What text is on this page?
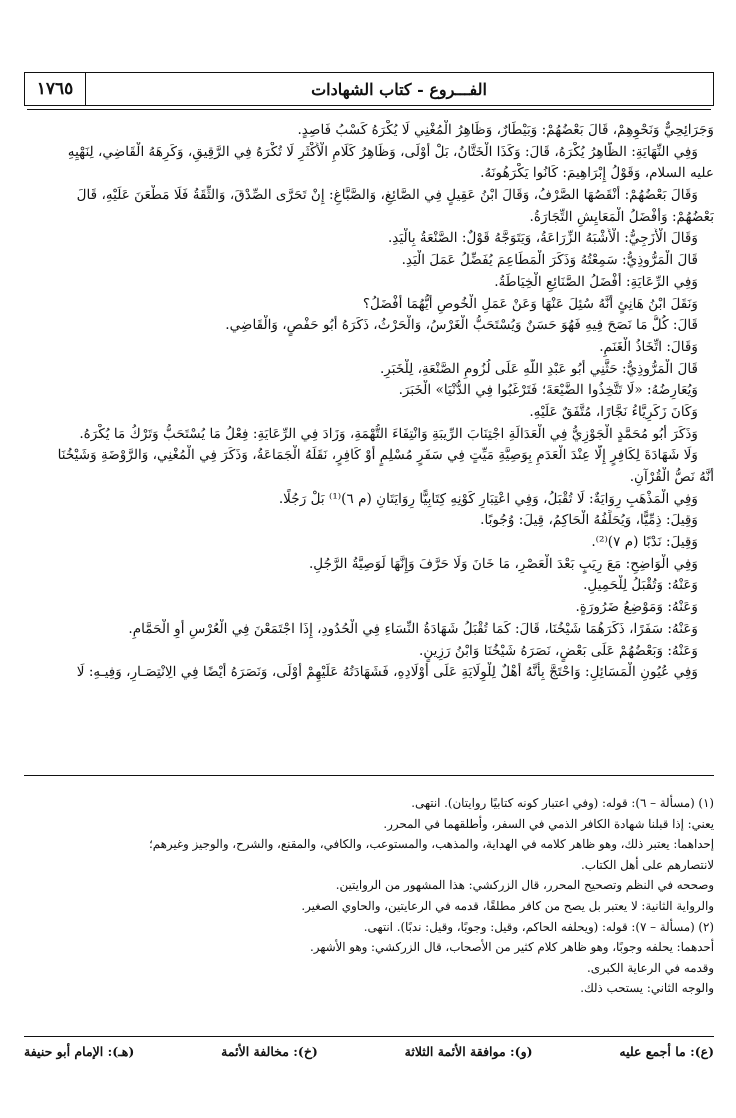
١٧٦٥	الفـــروع - كتاب الشهادات
وَجَرَائِحِيٌّ وَنَحْوِهِمْ، قَالَ بَعْضُهُمْ: وَبَيْطَارٌ، وَظَاهِرُ الْمُغْنِي لَا يُكْرَهُ كَسْبُ فَاصِدٍ.
وَفِي النِّهَايَةِ: الظَّاهِرُ يُكْرَهُ، قَالَ: وَكَذَا الْخَتَّانُ، بَلْ أَوْلَى، وَظَاهِرُ كَلَامِ الْأَكْثَرِ لَا تُكْرَهُ فِي الرَّقِيقِ، وَكَرِهَهُ الْقَاضِي، لِنَهْيِهِ
عليه السلام، وَقَوْلُ إِبْرَاهِيمَ: كَانُوا يَكْرَهُونَهُ.
وَقَالَ بَعْضُهُمْ: أَنْقَصُهَا الصَّرْفُ، وَقَالَ ابْنُ عَقِيلٍ فِي الصَّائِغِ، وَالصَّبَّاغِ: إِنْ تَحَرَّى الصِّدْقَ، وَالثِّقَةُ فَلَا مَطْعَنَ عَلَيْهِ، قَالَ
بَعْضُهُمْ: وَأَفْضَلُ الْمَعَايِشِ التِّجَارَةُ.
وَقَالَ الْأَزَجِيُّ: الْأَشْبَهُ الزِّرَاعَةُ، وَيَتَوَجَّهُ قَوْلٌ: الصَّنْعَةُ بِالْيَدِ.
قَالَ الْمَرُّوذِيُّ: سَمِعْتُهُ وَذَكَرَ الْمَطَاعِمَ يُفَضِّلُ عَمَلَ الْيَدِ.
وَفِي الرِّعَايَةِ: أَفْضَلُ الصَّنَائِعِ الْخِيَاطَةُ.
وَنَقَلَ ابْنُ هَانِئٍ أَنَّهُ سُئِلَ عَنْهَا وَعَنْ عَمَلِ الْخُوصِ أَيُّهُمَا أَفْضَلُ؟
قَالَ: كُلُّ مَا نَصَحَ فِيهِ فَهُوَ حَسَنٌ وَيُسْتَحَبُّ الْغَرْسُ، وَالْحَرْثُ، ذَكَرَهُ أَبُو حَفْصٍ، وَالْقَاضِي.
وَقَالَ: اتِّخَاذُ الْغَنَمِ.
قَالَ الْمَرُّوذِيُّ: حَثَّنِي أَبُو عَبْدِ اللَّهِ عَلَى لُزُومِ الصَّنْعَةِ، لِلْخَبَرِ.
وَيُعَارِضُهُ: «لَا تَتَّخِذُوا الضَّيْعَةَ؛ فَتَرْغَبُوا فِي الدُّنْيَا» الْخَبَرَ.
وَكَانَ زَكَرِيَّاءُ نَجَّارًا، مُتَّفَقٌ عَلَيْهِ.
وَذَكَرَ أَبُو مُحَمَّدٍ الْجَوْزِيُّ فِي الْعَدَالَةِ اجْتِنَابَ الرِّيبَةِ وَانْتِفَاءَ التُّهْمَةِ، وَزَادَ فِي الرِّعَايَةِ: فِعْلُ مَا يُسْتَحَبُّ وَتَرْكُ مَا يُكْرَهُ.
وَلَا شَهَادَةَ لِكَافِرٍ إِلَّا عِنْدَ الْعَدَمِ بِوَصِيَّةِ مَيِّتٍ فِي سَفَرٍ مُسْلِمٍ أَوْ كَافِرٍ، نَقَلَهُ الْجَمَاعَةُ، وَذَكَرَ فِي الْمُغْنِي، وَالرَّوْضَةِ وَشَيْخُنَا
أَنَّهُ نَصُّ الْقُرْآنِ.
وَفِي الْمَذْهَبِ رِوَايَةٌ: لَا تُقْبَلُ، وَفِي اعْتِبَارِ كَوْنِهِ كِتَابِيًّا رِوَايَتَانِ (م ٦)⁽¹⁾ بَلْ رَجُلًا.
وَقِيلَ: ذِمِّيًّا، وَيُحَلِّفُهُ الْحَاكِمُ، قِيلَ: وُجُوبًا.
وَقِيلَ: نَدْبًا (م ٧)⁽²⁾.
وَفِي الْوَاضِحِ: مَعَ رِيَبٍ بَعْدَ الْعَصْرِ، مَا خَانَ وَلَا حَرَّفَ وَإِنَّهَا لَوَصِيَّةُ الرَّجُلِ.
وَعَنْهُ: وَتُقْبَلُ لِلْحَمِيلِ.
وَعَنْهُ: وَمَوْضِعُ ضَرُورَةٍ.
وَعَنْهُ: سَفَرًا، ذَكَرَهُمَا شَيْخُنَا، قَالَ: كَمَا تُقْبَلُ شَهَادَةُ النِّسَاءِ فِي الْحُدُودِ، إِذَا اجْتَمَعْنَ فِي الْعُرْسِ أَوِ الْحَمَّامِ.
وَعَنْهُ: وَبَعْضُهُمْ عَلَى بَعْضٍ، نَصَرَهُ شَيْخُنَا وَابْنُ رَزِينٍ.
وَفِي عُيُونِ الْمَسَائِلِ: وَاحْتَجَّ بِأَنَّهُ أَهْلٌ لِلْوِلَايَةِ عَلَى أَوْلَادِهِ، فَشَهَادَتُهُ عَلَيْهِمْ أَوْلَى، وَنَصَرَهُ أَيْضًا فِي الِانْتِصَـارِ، وَفِيـهِ: لَا
(١) (مسألة – ٦): قوله: (وفي اعتبار كونه كتابيًا روايتان). انتهى.
يعني: إذا قبلنا شهادة الكافر الذمي في السفر، وأطلقهما في المحرر.
إحداهما: يعتبر ذلك، وهو ظاهر كلامه في الهداية، والمذهب، والمستوعب، والكافي، والمقنع، والشرح، والوجيز وغيرهم؛
لانتصارهم على أهل الكتاب.
وصححه في النظم وتصحيح المحرر، قال الزركشي: هذا المشهور من الروايتين.
والرواية الثانية: لا يعتبر بل يصح من كافر مطلقًا، قدمه في الرعايتين، والحاوي الصغير.
(٢) (مسألة – ٧): قوله: (ويحلفه الحاكم، وقيل: وجوبًا، وقيل: ندبًا). انتهى.
أحدهما: يحلفه وجوبًا، وهو ظاهر كلام كثير من الأصحاب، قال الزركشي: وهو الأشهر.
وقدمه في الرعاية الكبرى.
والوجه الثاني: يستحب ذلك.
(ع): ما أجمع عليه
(و): موافقة الأئمة الثلاثة
(خ): مخالفة الأئمة
(هـ): الإمام أبو حنيفة
